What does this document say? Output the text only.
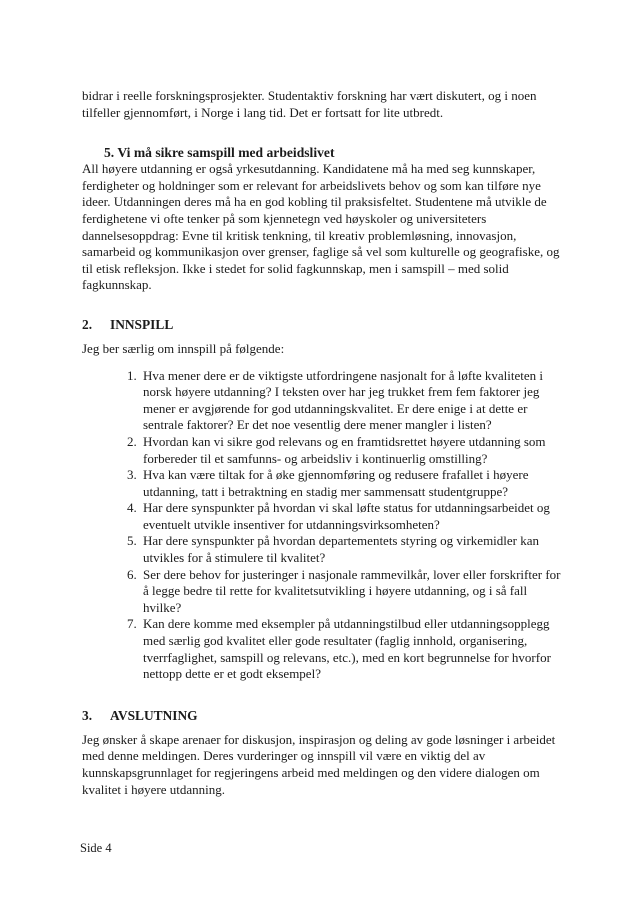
bidrar i reelle forskningsprosjekter. Studentaktiv forskning har vært diskutert, og i noen tilfeller gjennomført, i Norge i lang tid. Det er fortsatt for lite utbredt.

5. Vi må sikre samspill med arbeidslivet

All høyere utdanning er også yrkesutdanning. Kandidatene må ha med seg kunnskaper, ferdigheter og holdninger som er relevant for arbeidslivets behov og som kan tilføre nye ideer. Utdanningen deres må ha en god kobling til praksisfeltet. Studentene må utvikle de ferdighetene vi ofte tenker på som kjennetegn ved høyskoler og universiteters dannelsesoppdrag: Evne til kritisk tenkning, til kreativ problemløsning, innovasjon, samarbeid og kommunikasjon over grenser, faglige så vel som kulturelle og geografiske, og til etisk refleksjon. Ikke i stedet for solid fagkunnskap, men i samspill – med solid fagkunnskap.

2.	INNSPILL

Jeg ber særlig om innspill på følgende:

1. Hva mener dere er de viktigste utfordringene nasjonalt for å løfte kvaliteten i norsk høyere utdanning? I teksten over har jeg trukket frem fem faktorer jeg mener er avgjørende for god utdanningskvalitet. Er dere enige i at dette er sentrale faktorer? Er det noe vesentlig dere mener mangler i listen?
2. Hvordan kan vi sikre god relevans og en framtidsrettet høyere utdanning som forbereder til et samfunns- og arbeidsliv i kontinuerlig omstilling?
3. Hva kan være tiltak for å øke gjennomføring og redusere frafallet i høyere utdanning, tatt i betraktning en stadig mer sammensatt studentgruppe?
4. Har dere synspunkter på hvordan vi skal løfte status for utdanningsarbeidet og eventuelt utvikle insentiver for utdanningsvirksomheten?
5. Har dere synspunkter på hvordan departementets styring og virkemidler kan utvikles for å stimulere til kvalitet?
6. Ser dere behov for justeringer i nasjonale rammevilkår, lover eller forskrifter for å legge bedre til rette for kvalitetsutvikling i høyere utdanning, og i så fall hvilke?
7. Kan dere komme med eksempler på utdanningstilbud eller utdanningsopplegg med særlig god kvalitet eller gode resultater (faglig innhold, organisering, tverrfaglighet, samspill og relevans, etc.), med en kort begrunnelse for hvorfor nettopp dette er et godt eksempel?
3.	AVSLUTNING

Jeg ønsker å skape arenaer for diskusjon, inspirasjon og deling av gode løsninger i arbeidet med denne meldingen. Deres vurderinger og innspill vil være en viktig del av kunnskapsgrunnlaget for regjeringens arbeid med meldingen og den videre dialogen om kvalitet i høyere utdanning.

Side 4
